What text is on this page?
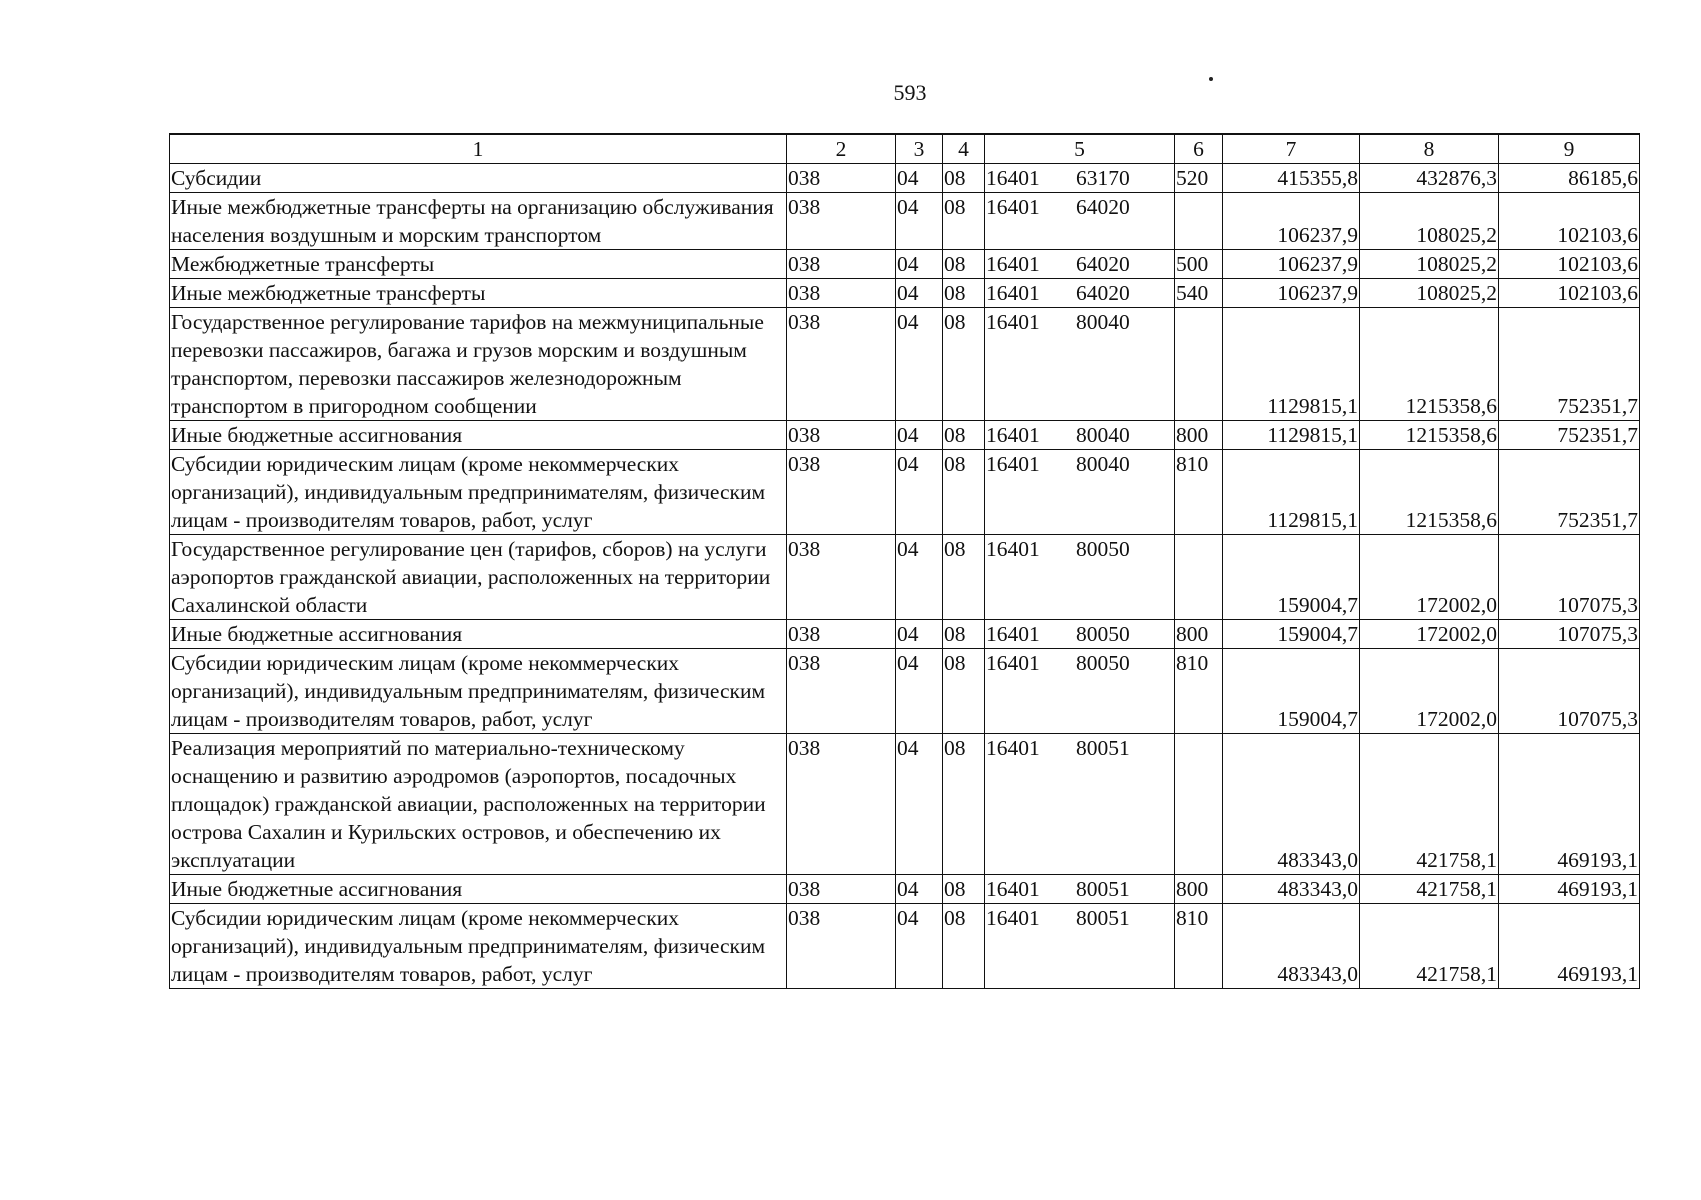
593
1	2	3	4	5	6	7	8	9
Субсидии	038	04	08	16401 63170	520	415355,8	432876,3	86185,6
Иные межбюджетные трансферты на организацию обслуживания населения воздушным и морским транспортом	038	04	08	16401 64020		106237,9	108025,2	102103,6
Межбюджетные трансферты	038	04	08	16401 64020	500	106237,9	108025,2	102103,6
Иные межбюджетные трансферты	038	04	08	16401 64020	540	106237,9	108025,2	102103,6
Государственное регулирование тарифов на межмуниципальные перевозки пассажиров, багажа и грузов морским и воздушным транспортом, перевозки пассажиров железнодорожным транспортом в пригородном сообщении	038	04	08	16401 80040		1129815,1	1215358,6	752351,7
Иные бюджетные ассигнования	038	04	08	16401 80040	800	1129815,1	1215358,6	752351,7
Субсидии юридическим лицам (кроме некоммерческих организаций), индивидуальным предпринимателям, физическим лицам - производителям товаров, работ, услуг	038	04	08	16401 80040	810	1129815,1	1215358,6	752351,7
Государственное регулирование цен (тарифов, сборов) на услуги аэропортов гражданской авиации, расположенных на территории Сахалинской области	038	04	08	16401 80050		159004,7	172002,0	107075,3
Иные бюджетные ассигнования	038	04	08	16401 80050	800	159004,7	172002,0	107075,3
Субсидии юридическим лицам (кроме некоммерческих организаций), индивидуальным предпринимателям, физическим лицам - производителям товаров, работ, услуг	038	04	08	16401 80050	810	159004,7	172002,0	107075,3
Реализация мероприятий по материально-техническому оснащению и развитию аэродромов (аэропортов, посадочных площадок) гражданской авиации, расположенных на территории острова Сахалин и Курильских островов, и обеспечению их эксплуатации	038	04	08	16401 80051		483343,0	421758,1	469193,1
Иные бюджетные ассигнования	038	04	08	16401 80051	800	483343,0	421758,1	469193,1
Субсидии юридическим лицам (кроме некоммерческих организаций), индивидуальным предпринимателям, физическим лицам - производителям товаров, работ, услуг	038	04	08	16401 80051	810	483343,0	421758,1	469193,1
